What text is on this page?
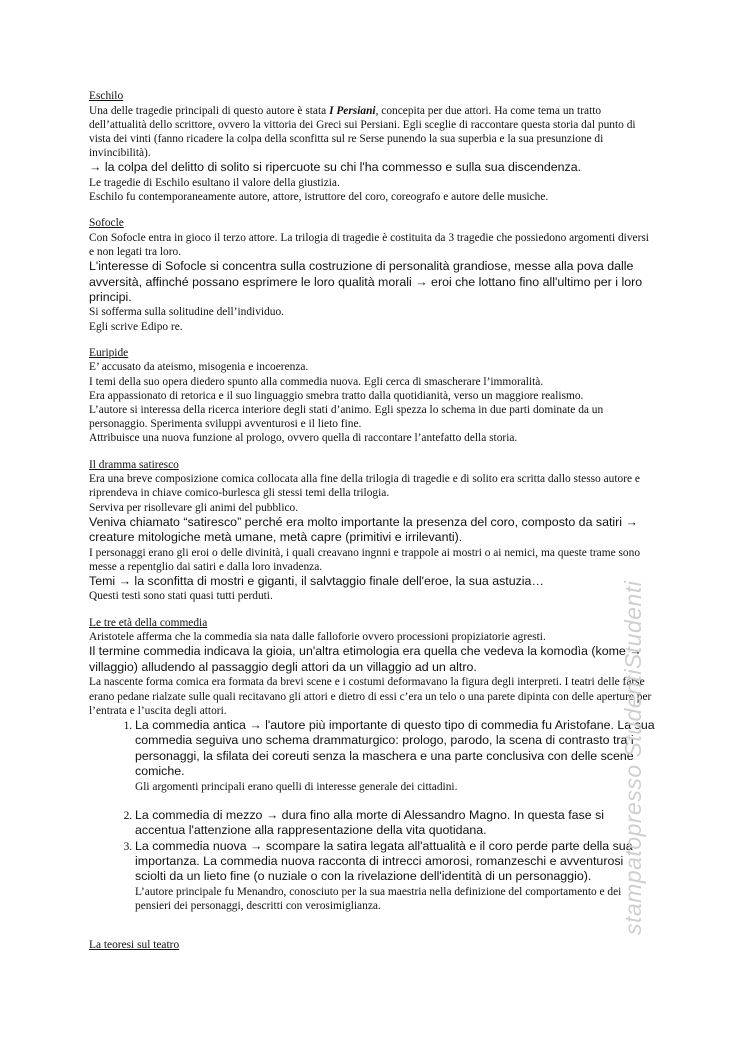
Eschilo

Una delle tragedie principali di questo autore è stata I Persiani, concepita per due attori. Ha come tema un tratto dell’attualità dello scrittore, ovvero la vittoria dei Greci sui Persiani. Egli sceglie di raccontare questa storia dal punto di vista dei vinti (fanno ricadere la colpa della sconfitta sul re Serse punendo la sua superbia e la sua presunzione di invincibilità).

→ la colpa del delitto di solito si ripercuote su chi l'ha commesso e sulla sua discendenza.

Le tragedie di Eschilo esultano il valore della giustizia.

Eschilo fu contemporaneamente autore, attore, istruttore del coro, coreografo e autore delle musiche.

Sofocle

Con Sofocle entra in gioco il terzo attore. La trilogia di tragedie è costituita da 3 tragedie che possiedono argomenti diversi e non legati tra loro.

L'interesse di Sofocle si concentra sulla costruzione di personalità grandiose, messe alla pova dalle avversità, affinché possano esprimere le loro qualità morali → eroi che lottano fino all'ultimo per i loro principi.

Si sofferma sulla solitudine dell’individuo.

Egli scrive Edipo re.

Euripide

E’ accusato da ateismo, misogenia e incoerenza.

I temi della suo opera diedero spunto alla commedia nuova. Egli cerca di smascherare l’immoralità.

Era appassionato di retorica e il suo linguaggio smebra tratto dalla quotidianità, verso un maggiore realismo.

L’autore si interessa della ricerca interiore degli stati d’animo. Egli spezza lo schema in due parti dominate da un personaggio. Sperimenta sviluppi avventurosi e il lieto fine.

Attribuisce una nuova funzione al prologo, ovvero quella di raccontare l’antefatto della storia.

Il dramma satiresco

Era una breve composizione comica collocata alla fine della trilogia di tragedie e di solito era scritta dallo stesso autore e riprendeva in chiave comico-burlesca gli stessi temi della trilogia.

Serviva per risollevare gli animi del pubblico.

Veniva chiamato “satiresco” perché era molto importante la presenza del coro, composto da satiri → creature mitologiche metà umane, metà capre (primitivi e irrilevanti).

I personaggi erano gli eroi o delle divinità, i quali creavano ingnni e trappole ai mostri o ai nemici, ma queste trame sono messe a repentglio dai satiri e dalla loro invadenza.

Temi → la sconfitta di mostri e giganti, il salvtaggio finale dell'eroe, la sua astuzia…

Questi testi sono stati quasi tutti perduti.

Le tre età della commedia

Aristotele afferma che la commedia sia nata dalle falloforie ovvero processioni propiziatorie agresti.

Il termine commedia indicava la gioia, un'altra etimologia era quella che vedeva la komodìa (kome → villaggio) alludendo al passaggio degli attori da un villaggio ad un altro.

La nascente forma comica era formata da brevi scene e i costumi deformavano la figura degli interpreti. I teatri delle farse erano pedane rialzate sulle quali recitavano gli attori e dietro di essi c’era un telo o una parete dipinta con delle aperture per l’entrata e l’uscita degli attori.

1. La commedia antica → l'autore più importante di questo tipo di commedia fu Aristofane. La sua commedia seguiva uno schema drammaturgico: prologo, parodo, la scena di contrasto tra i personaggi, la sfilata dei coreuti senza la maschera e una parte conclusiva con delle scene comiche.
Gli argomenti principali erano quelli di interesse generale dei cittadini.
2. La commedia di mezzo → dura fino alla morte di Alessandro Magno. In questa fase si accentua l'attenzione alla rappresentazione della vita quotidana.
3. La commedia nuova → scompare la satira legata all'attualità e il coro perde parte della sua importanza. La commedia nuova racconta di intrecci amorosi, romanzeschi e avventurosi sciolti da un lieto fine (o nuziale o con la rivelazione dell'identità di un personaggio).
L’autore principale fu Menandro, conosciuto per la sua maestria nella definizione del comportamento e dei pensieri dei personaggi, descritti con verosimiglianza.
La teoresi sul teatro
stampatopresso StudentiStudenti
